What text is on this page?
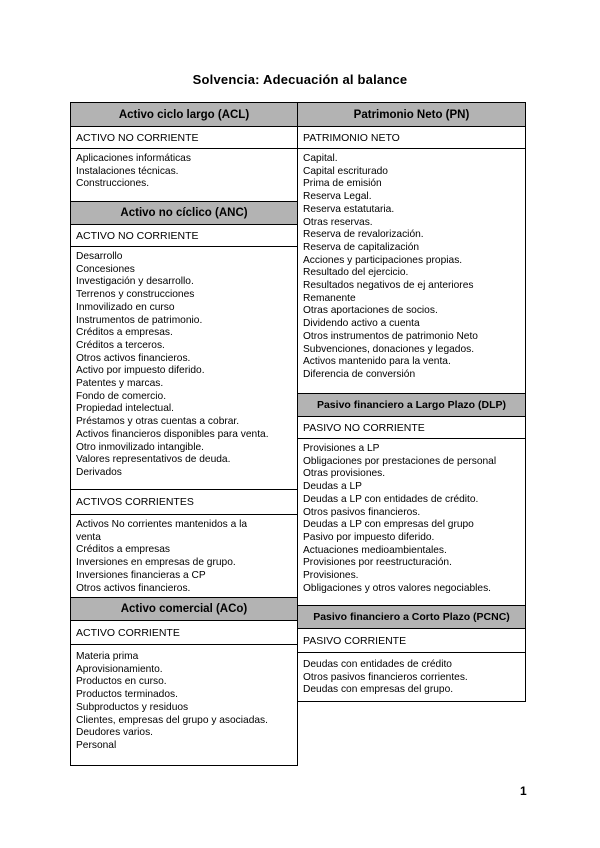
Solvencia: Adecuación al balance
Activo ciclo largo (ACL)
ACTIVO NO CORRIENTE
Aplicaciones informáticas
Instalaciones técnicas.
Construcciones.
Activo no cíclico (ANC)
ACTIVO NO CORRIENTE
Desarrollo
Concesiones
Investigación y desarrollo.
Terrenos y construcciones
Inmovilizado en curso
Instrumentos de patrimonio.
Créditos a empresas.
Créditos a terceros.
Otros activos financieros.
Activo por impuesto diferido.
Patentes y marcas.
Fondo de comercio.
Propiedad intelectual.
Préstamos y otras cuentas a cobrar.
Activos financieros disponibles para venta.
Otro inmovilizado intangible.
Valores representativos de deuda.
Derivados
ACTIVOS CORRIENTES
Activos No corrientes mantenidos a la
venta
Créditos a empresas
Inversiones en empresas de grupo.
Inversiones financieras a CP
Otros activos financieros.
Activo comercial (ACo)
ACTIVO CORRIENTE
Materia prima
Aprovisionamiento.
Productos en curso.
Productos terminados.
Subproductos y residuos
Clientes, empresas del grupo y asociadas.
Deudores varios.
Personal
Patrimonio Neto (PN)
PATRIMONIO NETO
Capital.
Capital escriturado
Prima de emisión
Reserva Legal.
Reserva estatutaria.
Otras reservas.
Reserva de revalorización.
Reserva de capitalización
Acciones y participaciones propias.
Resultado del ejercicio.
Resultados negativos de ej anteriores
Remanente
Otras aportaciones de socios.
Dividendo activo a cuenta
Otros instrumentos de patrimonio Neto
Subvenciones, donaciones y legados.
Activos mantenido para la venta.
Diferencia de conversión
Pasivo financiero a Largo Plazo (DLP)
PASIVO NO CORRIENTE
Provisiones a LP
Obligaciones por prestaciones de personal
Otras provisiones.
Deudas a LP
Deudas a LP con entidades de crédito.
Otros pasivos financieros.
Deudas a LP con empresas del grupo
Pasivo por impuesto diferido.
Actuaciones medioambientales.
Provisiones por reestructuración.
Provisiones.
Obligaciones y otros valores negociables.
Pasivo financiero a Corto Plazo (PCNC)
PASIVO CORRIENTE
Deudas con entidades de crédito
Otros pasivos financieros corrientes.
Deudas con empresas del grupo.
1
